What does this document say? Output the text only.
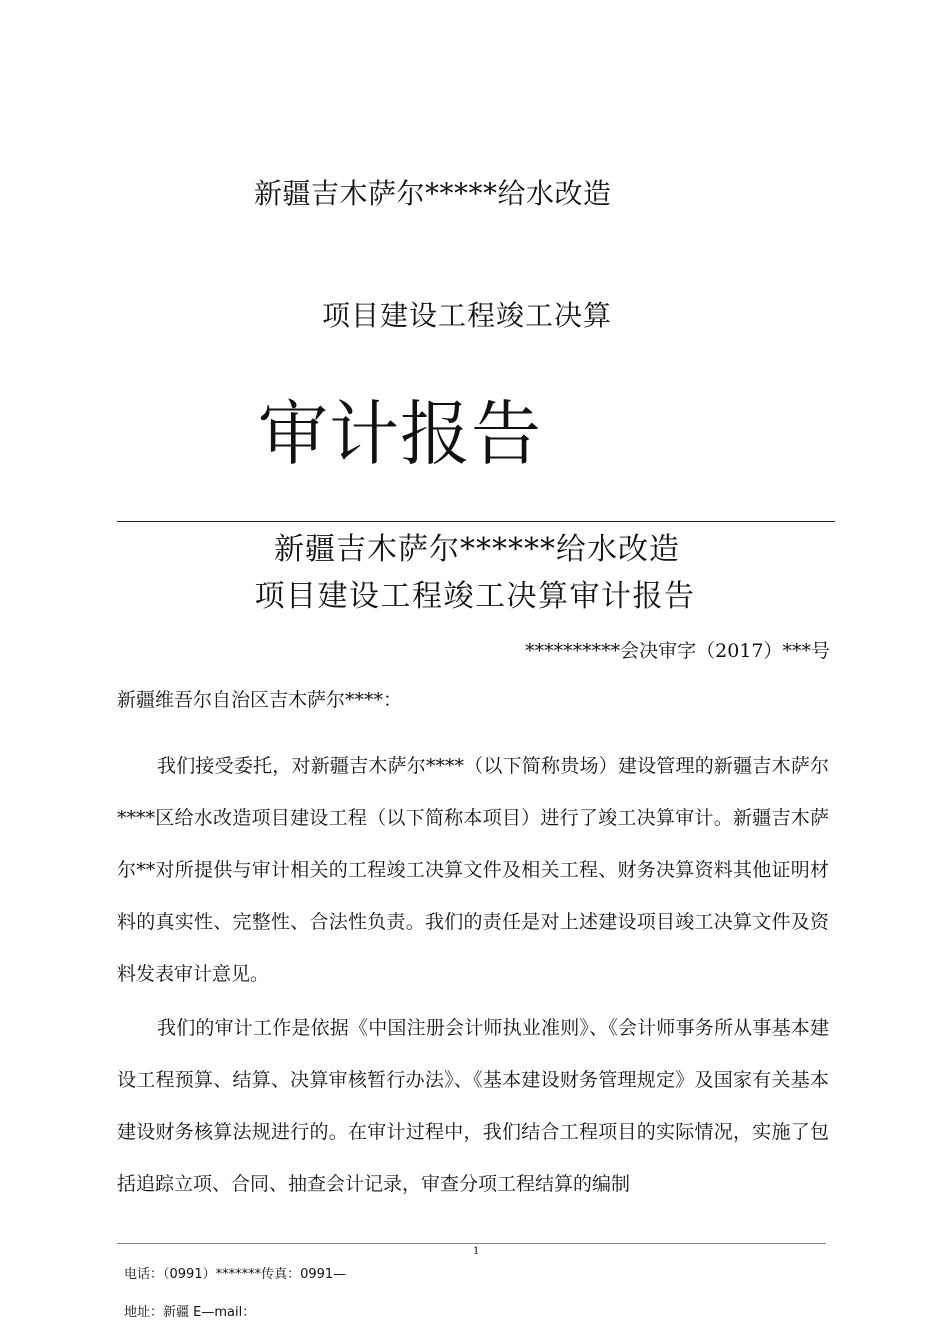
新疆吉木萨尔*****给水改造
项目建设工程竣工决算
审计报告
新疆吉木萨尔******给水改造
项目建设工程竣工决算审计报告
**********会决审字（2017）***号
新疆维吾尔自治区吉木萨尔****：

我们接受委托，对新疆吉木萨尔****（以下简称贵场）建设管理的新疆吉木萨尔****区给水改造项目建设工程（以下简称本项目）进行了竣工决算审计。新疆吉木萨尔**对所提供与审计相关的工程竣工决算文件及相关工程、财务决算资料其他证明材料的真实性、完整性、合法性负责。我们的责任是对上述建设项目竣工决算文件及资料发表审计意见。

我们的审计工作是依据《中国注册会计师执业准则》、《会计师事务所从事基本建设工程预算、结算、决算审核暂行办法》、《基本建设财务管理规定》及国家有关基本建设财务核算法规进行的。在审计过程中，我们结合工程项目的实际情况，实施了包括追踪立项、合同、抽查会计记录，审查分项工程结算的编制

1
电话：（0991）*******传真：0991—
地址：新疆 E—mail：
